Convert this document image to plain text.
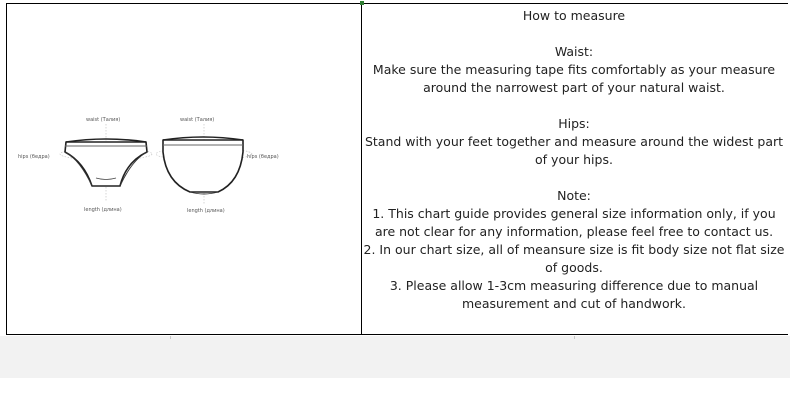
waist (Талия)
hips (бедра)
length (длина)
waist (Талия)
hips (бедра)
length (длина)

How to measure

Waist:

Make sure the measuring tape fits comfortably as your measure around the narrowest part of your natural waist.

Hips:

Stand with your feet together and measure around the widest part of your hips.

Note:

1. This chart guide provides general size information only, if you are not clear for any information, please feel free to contact us.

2. In our chart size, all of meansure size is fit body size not flat size of goods.

3. Please allow 1-3cm measuring difference due to manual measurement and cut of handwork.
